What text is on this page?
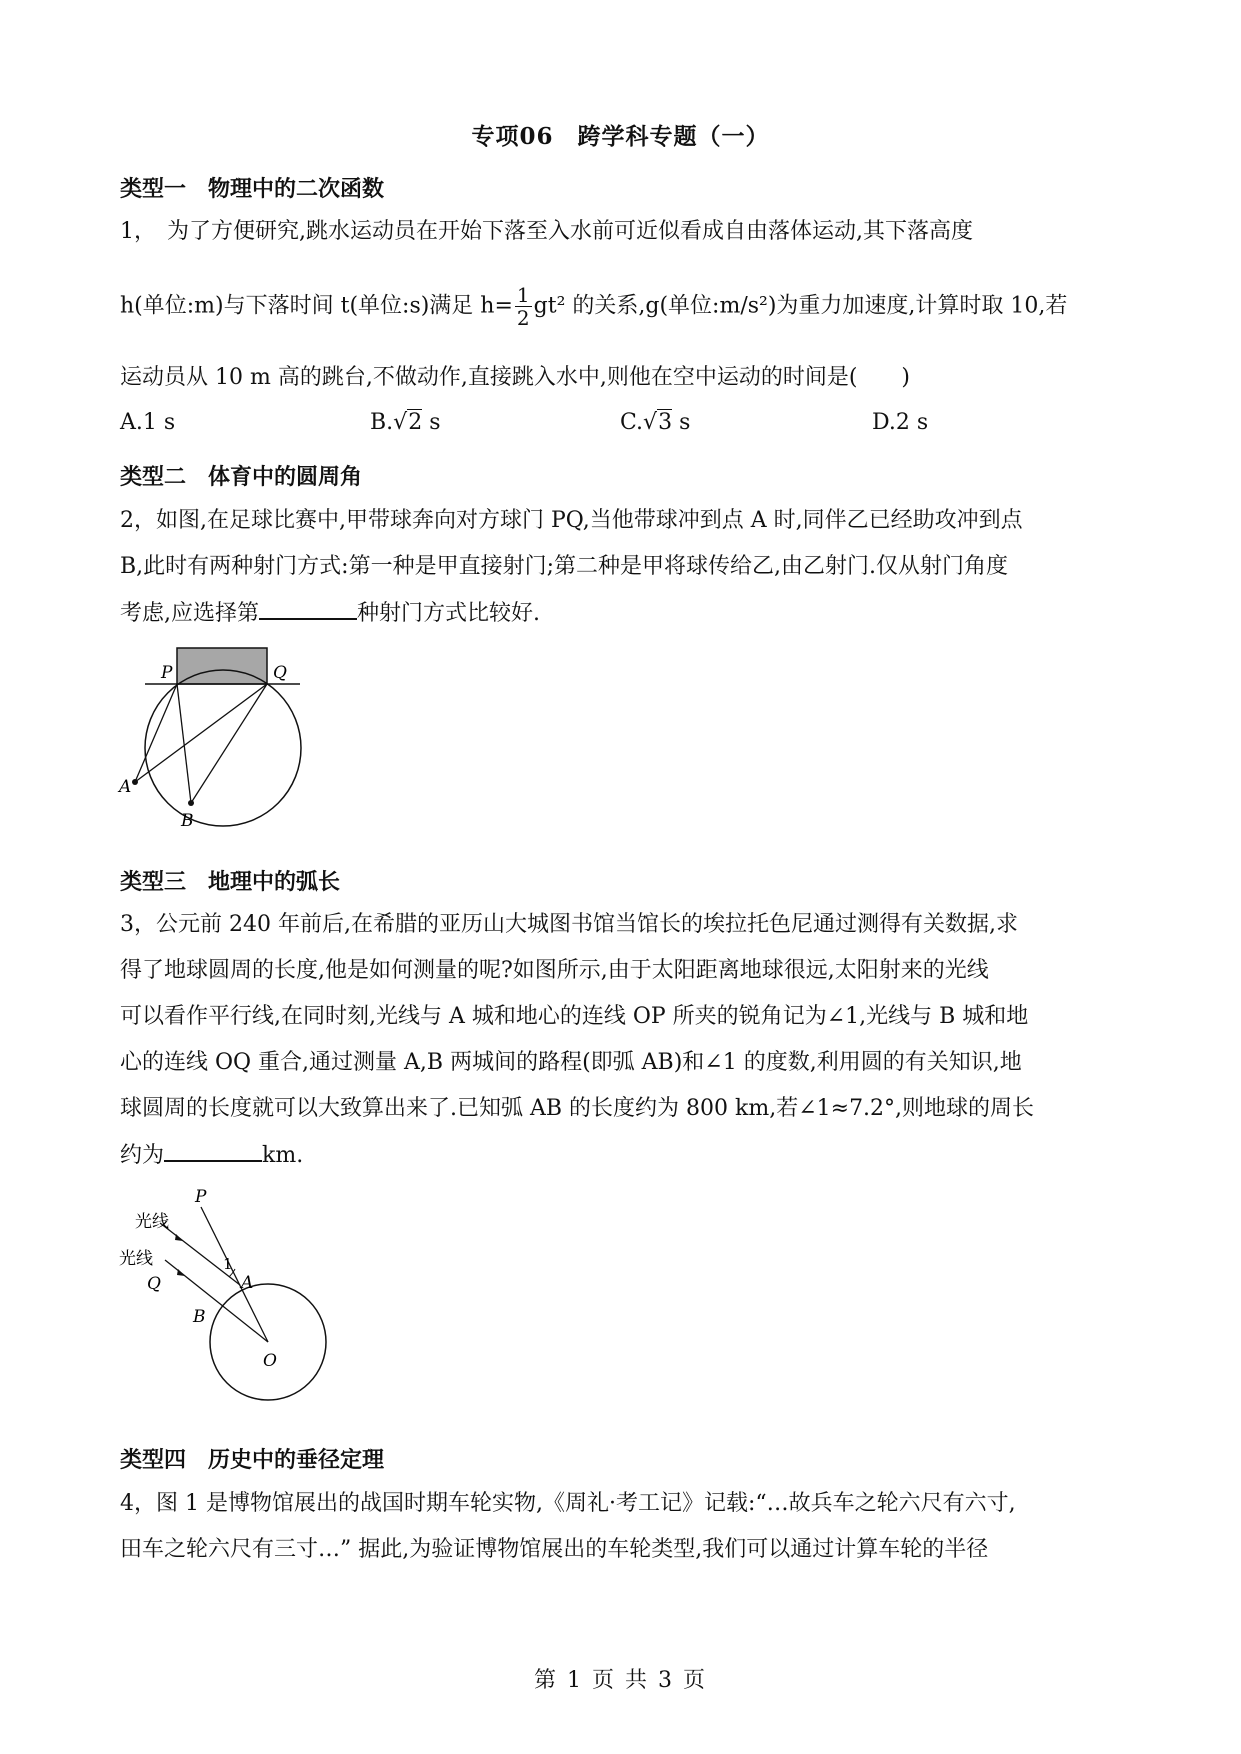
专项06　跨学科专题（一）
类型一　物理中的二次函数
1，　为了方便研究,跳水运动员在开始下落至入水前可近似看成自由落体运动,其下落高度
h(单位:m)与下落时间 t(单位:s)满足 $h= \frac{1}{2} gt^2$ 的关系,g(单位:m/s²)为重力加速度,计算时取 10,若
运动员从 10 m 高的跳台,不做动作,直接跳入水中,则他在空中运动的时间是(　　)
A.1 s	B.√2 s	C.√3 s	D.2 s
类型二　体育中的圆周角
2，如图,在足球比赛中,甲带球奔向对方球门 PQ,当他带球冲到点 A 时,同伴乙已经助攻冲到点
B,此时有两种射门方式:第一种是甲直接射门;第二种是甲将球传给乙,由乙射门.仅从射门角度
考虑,应选择第	种射门方式比较好.
P	Q
A
B
类型三　地理中的弧长
3，公元前 240 年前后,在希腊的亚历山大城图书馆当馆长的埃拉托色尼通过测得有关数据,求
得了地球圆周的长度,他是如何测量的呢?如图所示,由于太阳距离地球很远,太阳射来的光线
可以看作平行线,在同时刻,光线与 A 城和地心的连线 OP 所夹的锐角记为∠1,光线与 B 城和地
心的连线 OQ 重合,通过测量 A,B 两城间的路程(即弧 AB)和∠1 的度数,利用圆的有关知识,地
球圆周的长度就可以大致算出来了.已知弧 AB 的长度约为 800 km,若∠1≈7.2°,则地球的周长
约为	km.
P
光线
光线
Q
1
A
B
O
类型四　历史中的垂径定理
4，图 1 是博物馆展出的战国时期车轮实物,《周礼·考工记》记载:“…故兵车之轮六尺有六寸,
田车之轮六尺有三寸…” 据此,为验证博物馆展出的车轮类型,我们可以通过计算车轮的半径
第 1 页 共 3 页
